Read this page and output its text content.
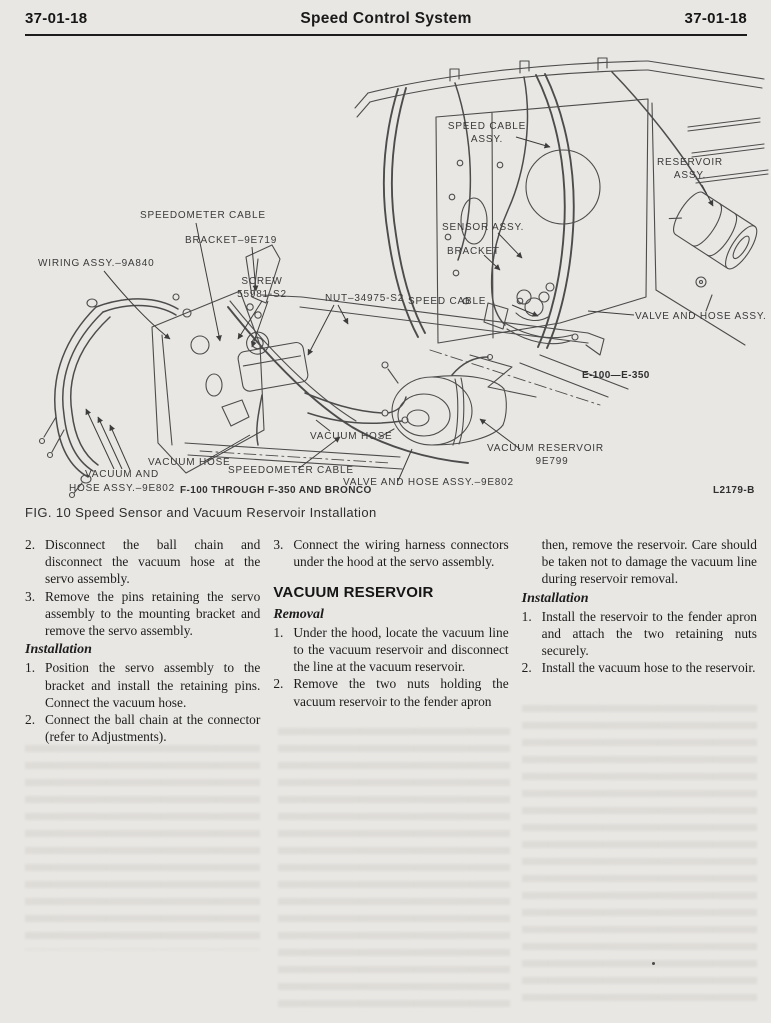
37-01-18	Speed Control System	37-01-18
SPEEDOMETER CABLE
BRACKET–9E719
WIRING ASSY.–9A840
SCREW
55981-S2	NUT–34975-S2 SPEED CABLE
SPEED CABLE
ASSY.
SENSOR ASSY.
BRACKET
RESERVOIR
ASSY.
VALVE AND HOSE ASSY.
E-100—E-350
VACUUM HOSE
VACUUM HOSE
VACUUM AND
HOSE ASSY.–9E802
SPEEDOMETER CABLE
F-100 THROUGH F-350 AND BRONCO
VACUUM RESERVOIR
9E799
VALVE AND HOSE ASSY.–9E802
L2179-B
FIG. 10 Speed Sensor and Vacuum Reservoir Installation
2. Disconnect the ball chain and disconnect the vacuum hose at the servo assembly.
3. Remove the pins retaining the servo assembly to the mounting bracket and remove the servo assembly.
Installation
1. Position the servo assembly to the bracket and install the retaining pins. Connect the vacuum hose.
2. Connect the ball chain at the connector (refer to Adjustments).
3. Connect the wiring harness connectors under the hood at the servo assembly.
VACUUM RESERVOIR
Removal
1. Under the hood, locate the vacuum line to the vacuum reservoir and disconnect the line at the vacuum reservoir.
2. Remove the two nuts holding the vacuum reservoir to the fender apron
then, remove the reservoir. Care should be taken not to damage the vacuum line during reservoir removal.
Installation
1. Install the reservoir to the fender apron and attach the two retaining nuts securely.
2. Install the vacuum hose to the reservoir.
